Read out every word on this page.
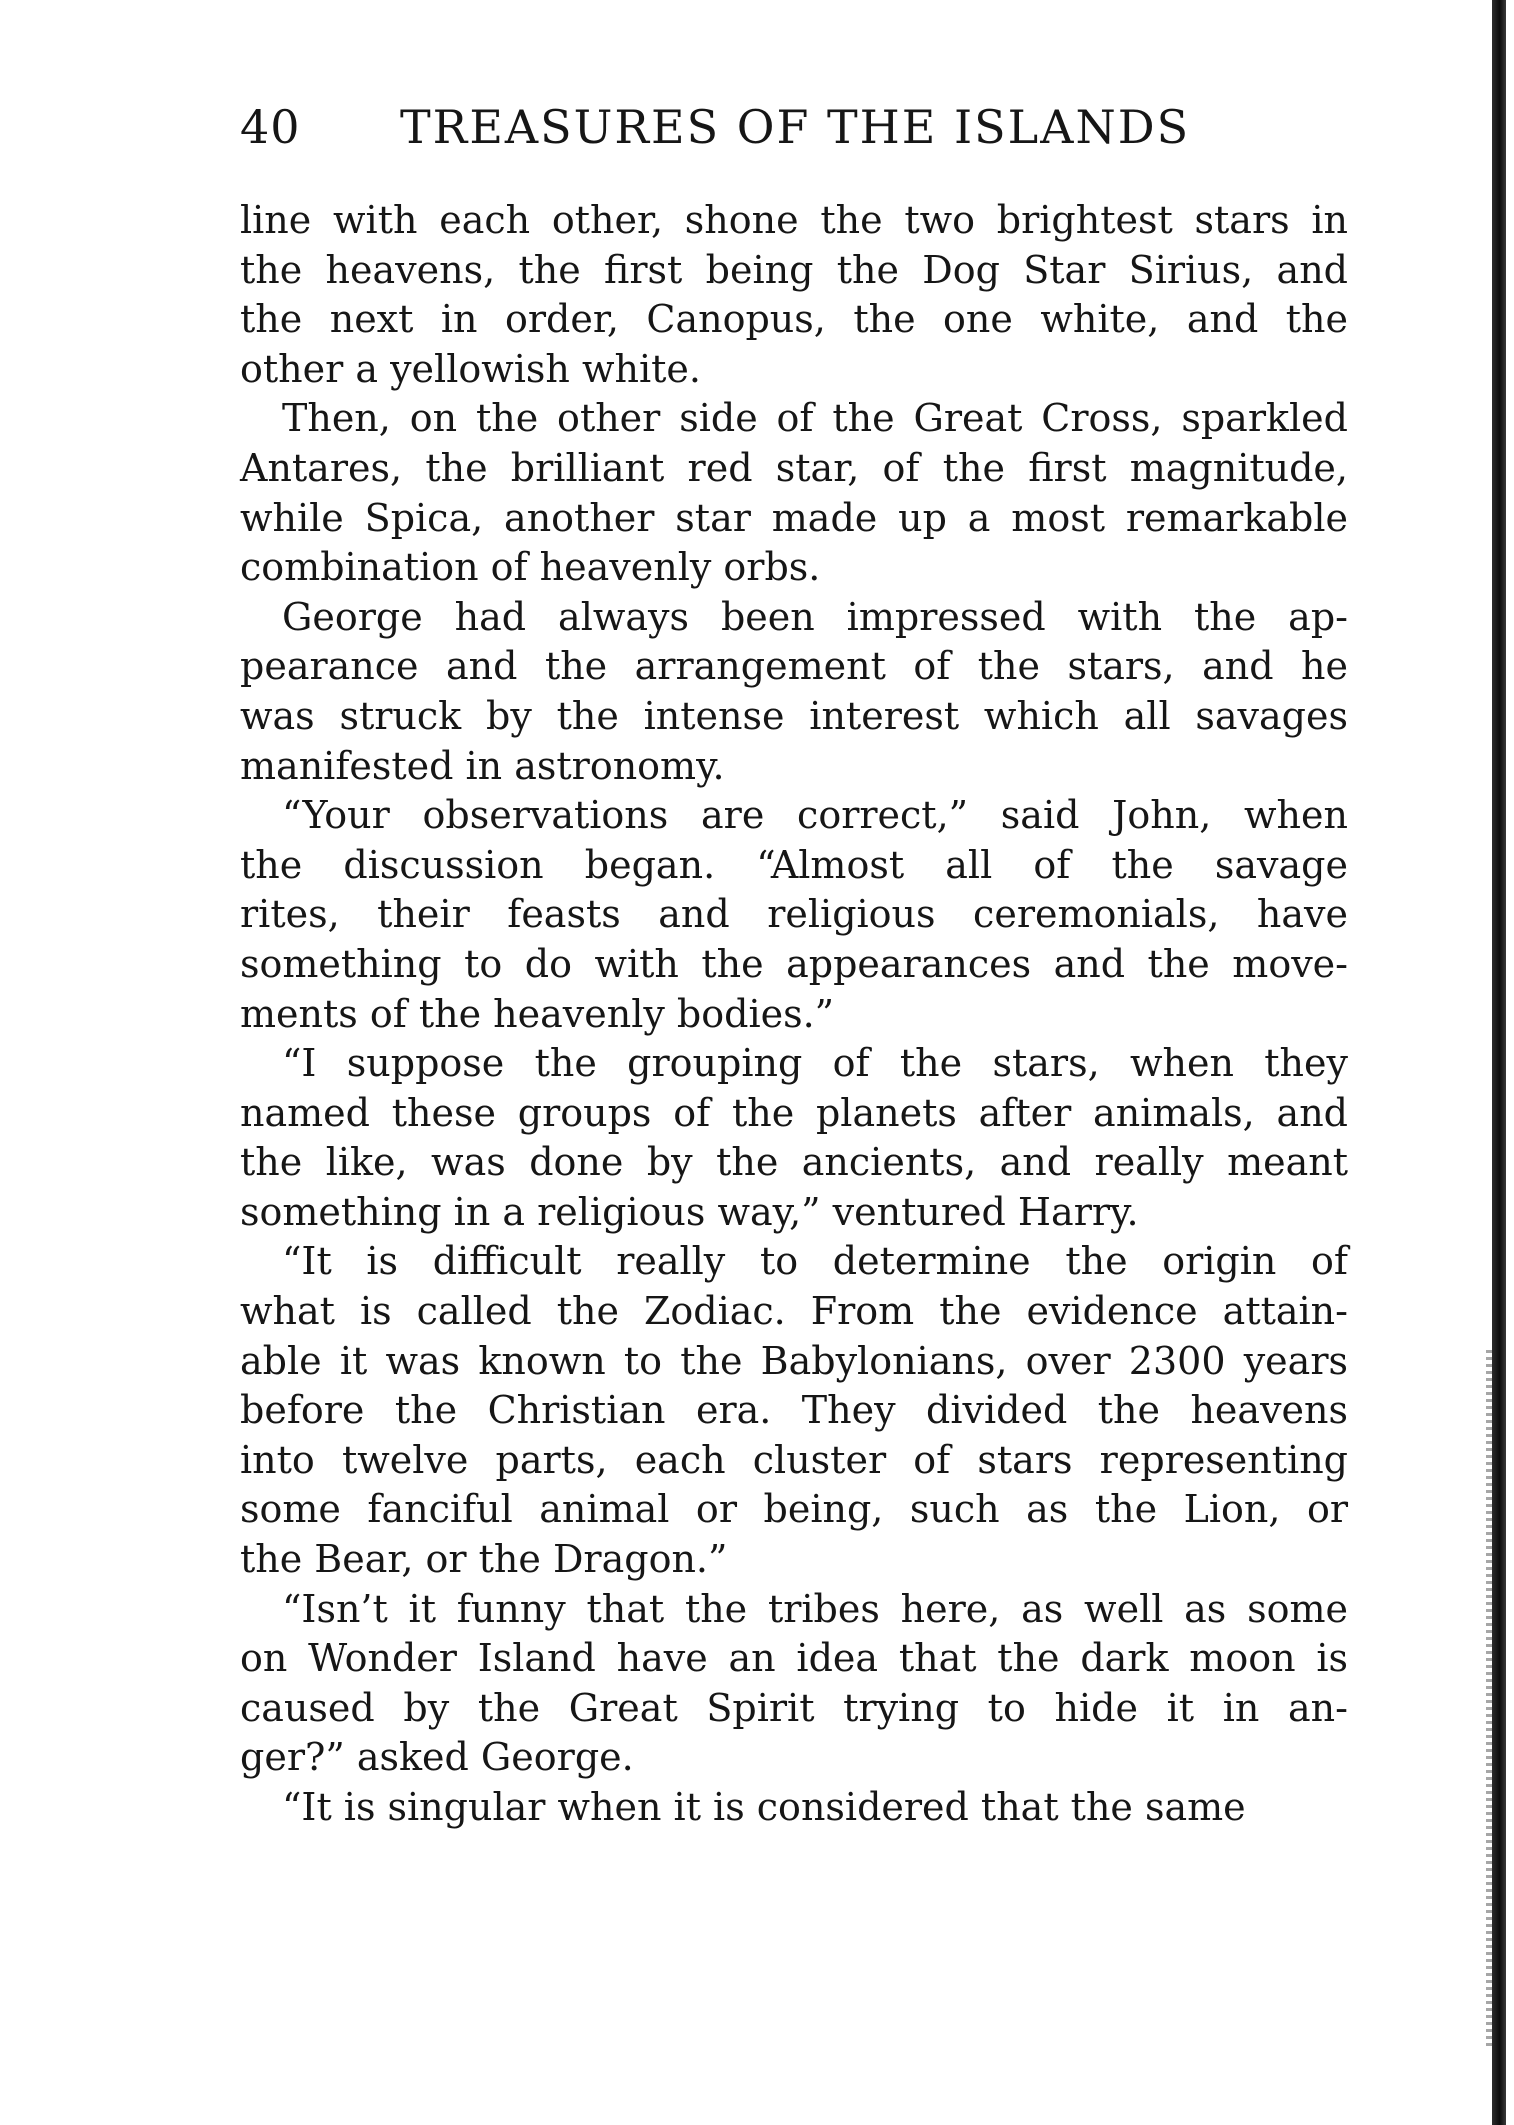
40 TREASURES OF THE ISLANDS
line with each other, shone the two brightest stars in
the heavens, the first being the Dog Star Sirius, and
the next in order, Canopus, the one white, and the
other a yellowish white.
Then, on the other side of the Great Cross, sparkled
Antares, the brilliant red star, of the first magnitude,
while Spica, another star made up a most remarkable
combination of heavenly orbs.
George had always been impressed with the ap-
pearance and the arrangement of the stars, and he
was struck by the intense interest which all savages
manifested in astronomy.
“Your observations are correct,” said John, when
the discussion began. “Almost all of the savage
rites, their feasts and religious ceremonials, have
something to do with the appearances and the move-
ments of the heavenly bodies.”
“I suppose the grouping of the stars, when they
named these groups of the planets after animals, and
the like, was done by the ancients, and really meant
something in a religious way,” ventured Harry.
“It is difficult really to determine the origin of
what is called the Zodiac. From the evidence attain-
able it was known to the Babylonians, over 2300 years
before the Christian era. They divided the heavens
into twelve parts, each cluster of stars representing
some fanciful animal or being, such as the Lion, or
the Bear, or the Dragon.”
“Isn’t it funny that the tribes here, as well as some
on Wonder Island have an idea that the dark moon is
caused by the Great Spirit trying to hide it in an-
ger?” asked George.
“It is singular when it is considered that the same
